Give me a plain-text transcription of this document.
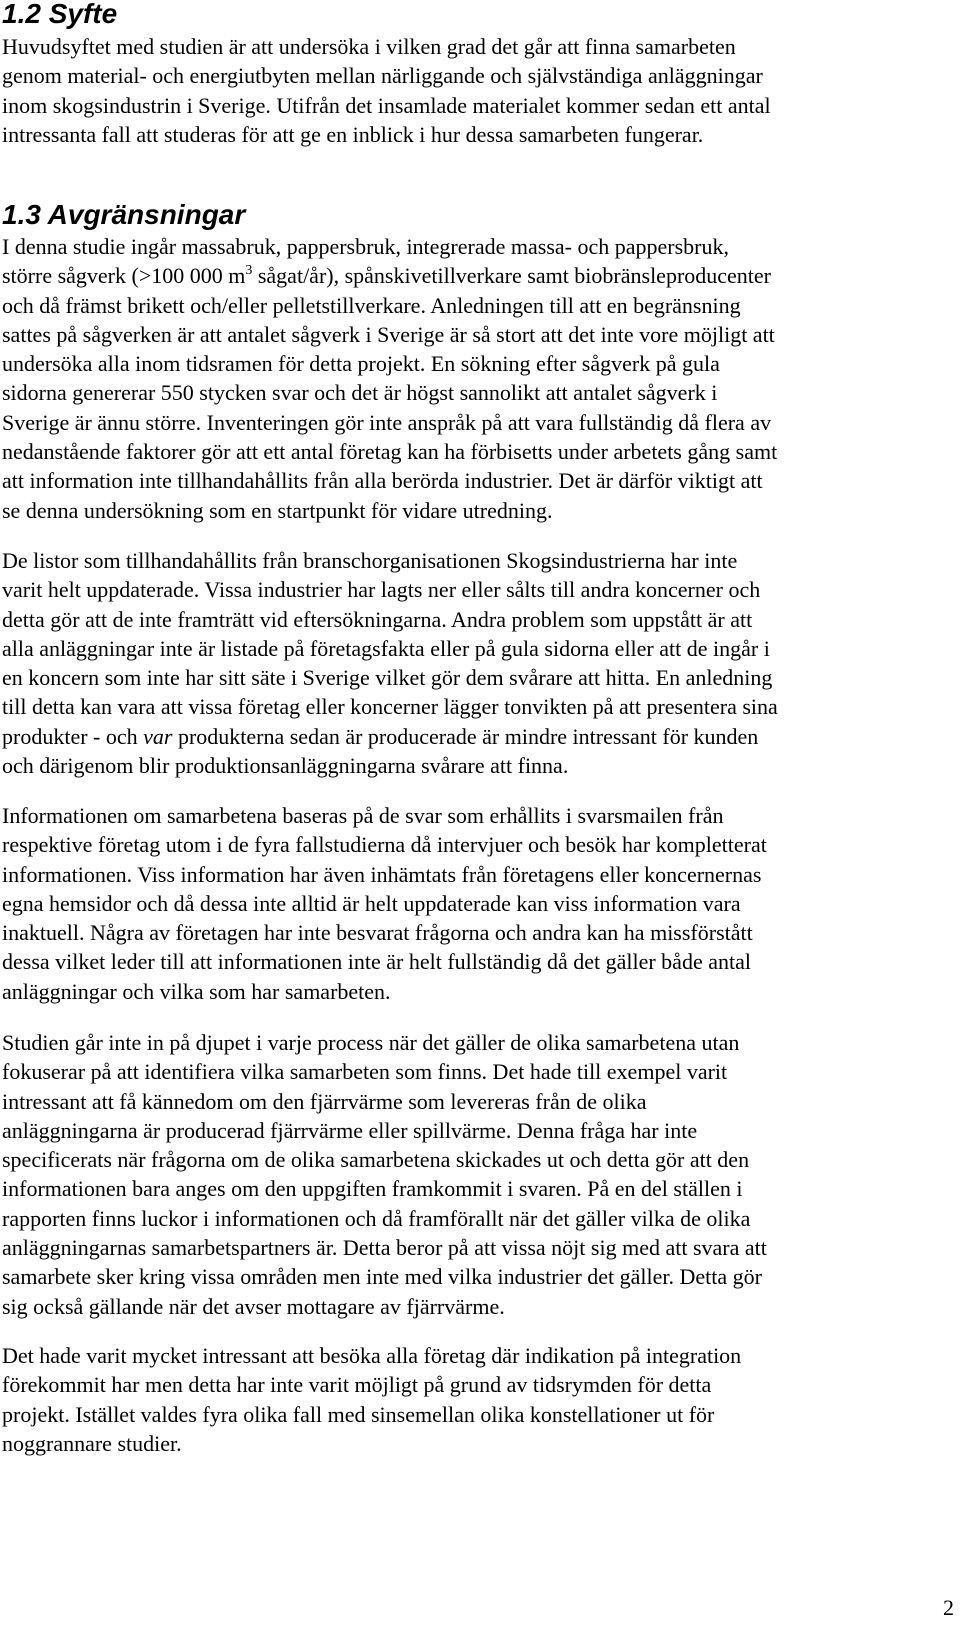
1.2 Syfte

Huvudsyftet med studien är att undersöka i vilken grad det går att finna samarbeten
genom material- och energiutbyten mellan närliggande och självständiga anläggningar
inom skogsindustrin i Sverige. Utifrån det insamlade materialet kommer sedan ett antal
intressanta fall att studeras för att ge en inblick i hur dessa samarbeten fungerar.

1.3 Avgränsningar

I denna studie ingår massabruk, pappersbruk, integrerade massa- och pappersbruk,
större sågverk (>100 000 $m^3$ sågat/år), spånskivetillverkare samt biobränsleproducenter
och då främst brikett och/eller pelletstillverkare. Anledningen till att en begränsning
sattes på sågverken är att antalet sågverk i Sverige är så stort att det inte vore möjligt att
undersöka alla inom tidsramen för detta projekt. En sökning efter sågverk på gula
sidorna genererar 550 stycken svar och det är högst sannolikt att antalet sågverk i
Sverige är ännu större. Inventeringen gör inte anspråk på att vara fullständig då flera av
nedanstående faktorer gör att ett antal företag kan ha förbisetts under arbetets gång samt
att information inte tillhandahållits från alla berörda industrier. Det är därför viktigt att
se denna undersökning som en startpunkt för vidare utredning.

De listor som tillhandahållits från branschorganisationen Skogsindustrierna har inte
varit helt uppdaterade. Vissa industrier har lagts ner eller sålts till andra koncerner och
detta gör att de inte framträtt vid eftersökningarna. Andra problem som uppstått är att
alla anläggningar inte är listade på företagsfakta eller på gula sidorna eller att de ingår i
en koncern som inte har sitt säte i Sverige vilket gör dem svårare att hitta. En anledning
till detta kan vara att vissa företag eller koncerner lägger tonvikten på att presentera sina
produkter - och var produkterna sedan är producerade är mindre intressant för kunden
och därigenom blir produktionsanläggningarna svårare att finna.

Informationen om samarbetena baseras på de svar som erhållits i svarsmailen från
respektive företag utom i de fyra fallstudierna då intervjuer och besök har kompletterat
informationen. Viss information har även inhämtats från företagens eller koncernernas
egna hemsidor och då dessa inte alltid är helt uppdaterade kan viss information vara
inaktuell. Några av företagen har inte besvarat frågorna och andra kan ha missförstått
dessa vilket leder till att informationen inte är helt fullständig då det gäller både antal
anläggningar och vilka som har samarbeten.

Studien går inte in på djupet i varje process när det gäller de olika samarbetena utan
fokuserar på att identifiera vilka samarbeten som finns. Det hade till exempel varit
intressant att få kännedom om den fjärrvärme som levereras från de olika
anläggningarna är producerad fjärrvärme eller spillvärme. Denna fråga har inte
specificerats när frågorna om de olika samarbetena skickades ut och detta gör att den
informationen bara anges om den uppgiften framkommit i svaren. På en del ställen i
rapporten finns luckor i informationen och då framförallt när det gäller vilka de olika
anläggningarnas samarbetspartners är. Detta beror på att vissa nöjt sig med att svara att
samarbete sker kring vissa områden men inte med vilka industrier det gäller. Detta gör
sig också gällande när det avser mottagare av fjärrvärme.

Det hade varit mycket intressant att besöka alla företag där indikation på integration
förekommit har men detta har inte varit möjligt på grund av tidsrymden för detta
projekt. Istället valdes fyra olika fall med sinsemellan olika konstellationer ut för
noggrannare studier.

2
